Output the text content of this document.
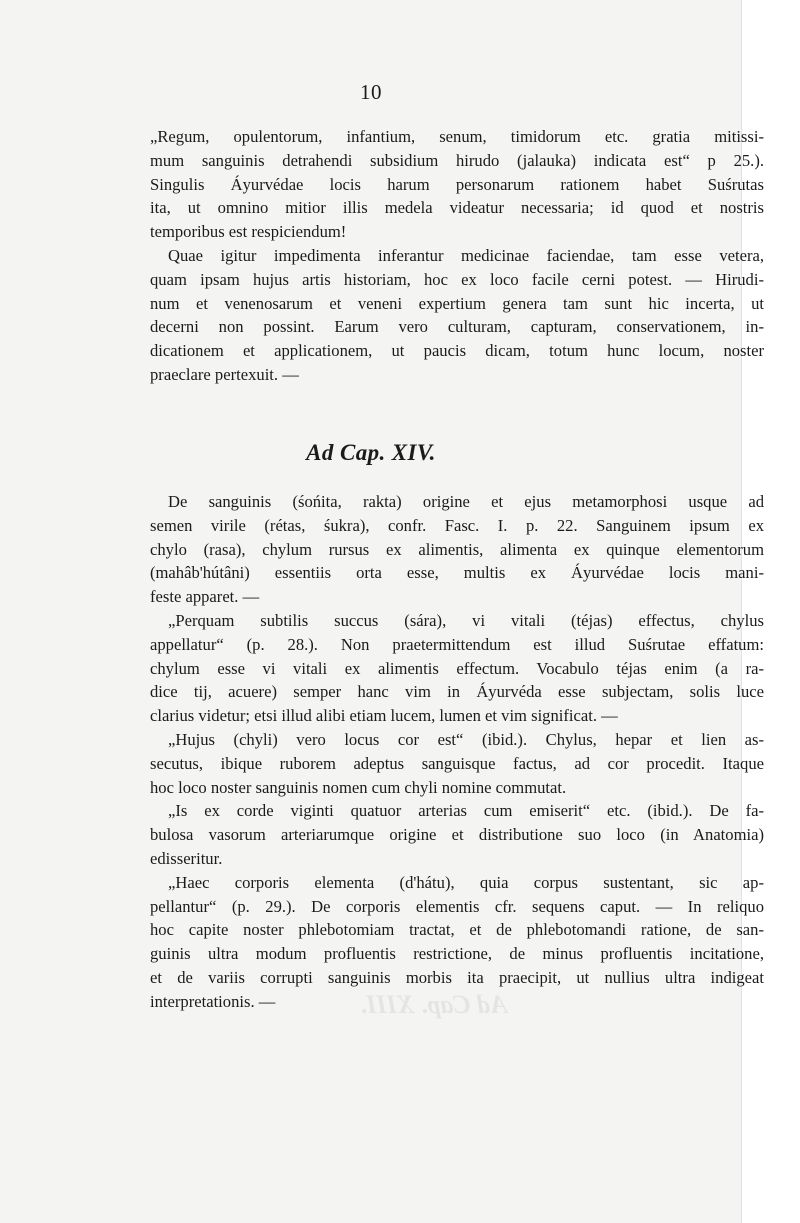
Ad Cap. XIII.
10
„Regum, opulentorum, infantium, senum, timidorum etc. gratia mitissi-
mum sanguinis detrahendi subsidium hirudo (jalauka) indicata est“ p 25.).
Singulis Áyurvédae locis harum personarum rationem habet Suśrutas
ita, ut omnino mitior illis medela videatur necessaria; id quod et nostris
temporibus est respiciendum!
Quae igitur impedimenta inferantur medicinae faciendae, tam esse vetera,
quam ipsam hujus artis historiam, hoc ex loco facile cerni potest. — Hirudi-
num et venenosarum et veneni expertium genera tam sunt hic incerta, ut
decerni non possint. Earum vero culturam, capturam, conservationem, in-
dicationem et applicationem, ut paucis dicam, totum hunc locum, noster
praeclare pertexuit. —
Ad Cap. XIV.
De sanguinis (śońita, rakta) origine et ejus metamorphosi usque ad
semen virile (rétas, śukra), confr. Fasc. I. p. 22. Sanguinem ipsum ex
chylo (rasa), chylum rursus ex alimentis, alimenta ex quinque elementorum
(mahâb'hútâni) essentiis orta esse, multis ex Áyurvédae locis mani-
feste apparet. —
„Perquam subtilis succus (sára), vi vitali (téjas) effectus, chylus
appellatur“ (p. 28.). Non praetermittendum est illud Suśrutae effatum:
chylum esse vi vitali ex alimentis effectum. Vocabulo téjas enim (a ra-
dice tij, acuere) semper hanc vim in Áyurvéda esse subjectam, solis luce
clarius videtur; etsi illud alibi etiam lucem, lumen et vim significat. —
„Hujus (chyli) vero locus cor est“ (ibid.). Chylus, hepar et lien as-
secutus, ibique ruborem adeptus sanguisque factus, ad cor procedit. Itaque
hoc loco noster sanguinis nomen cum chyli nomine commutat.
„Is ex corde viginti quatuor arterias cum emiserit“ etc. (ibid.). De fa-
bulosa vasorum arteriarumque origine et distributione suo loco (in Anatomia)
edisseritur.
„Haec corporis elementa (d'hátu), quia corpus sustentant, sic ap-
pellantur“ (p. 29.). De corporis elementis cfr. sequens caput. — In reliquo
hoc capite noster phlebotomiam tractat, et de phlebotomandi ratione, de san-
guinis ultra modum profluentis restrictione, de minus profluentis incitatione,
et de variis corrupti sanguinis morbis ita praecipit, ut nullius ultra indigeat
interpretationis. —
